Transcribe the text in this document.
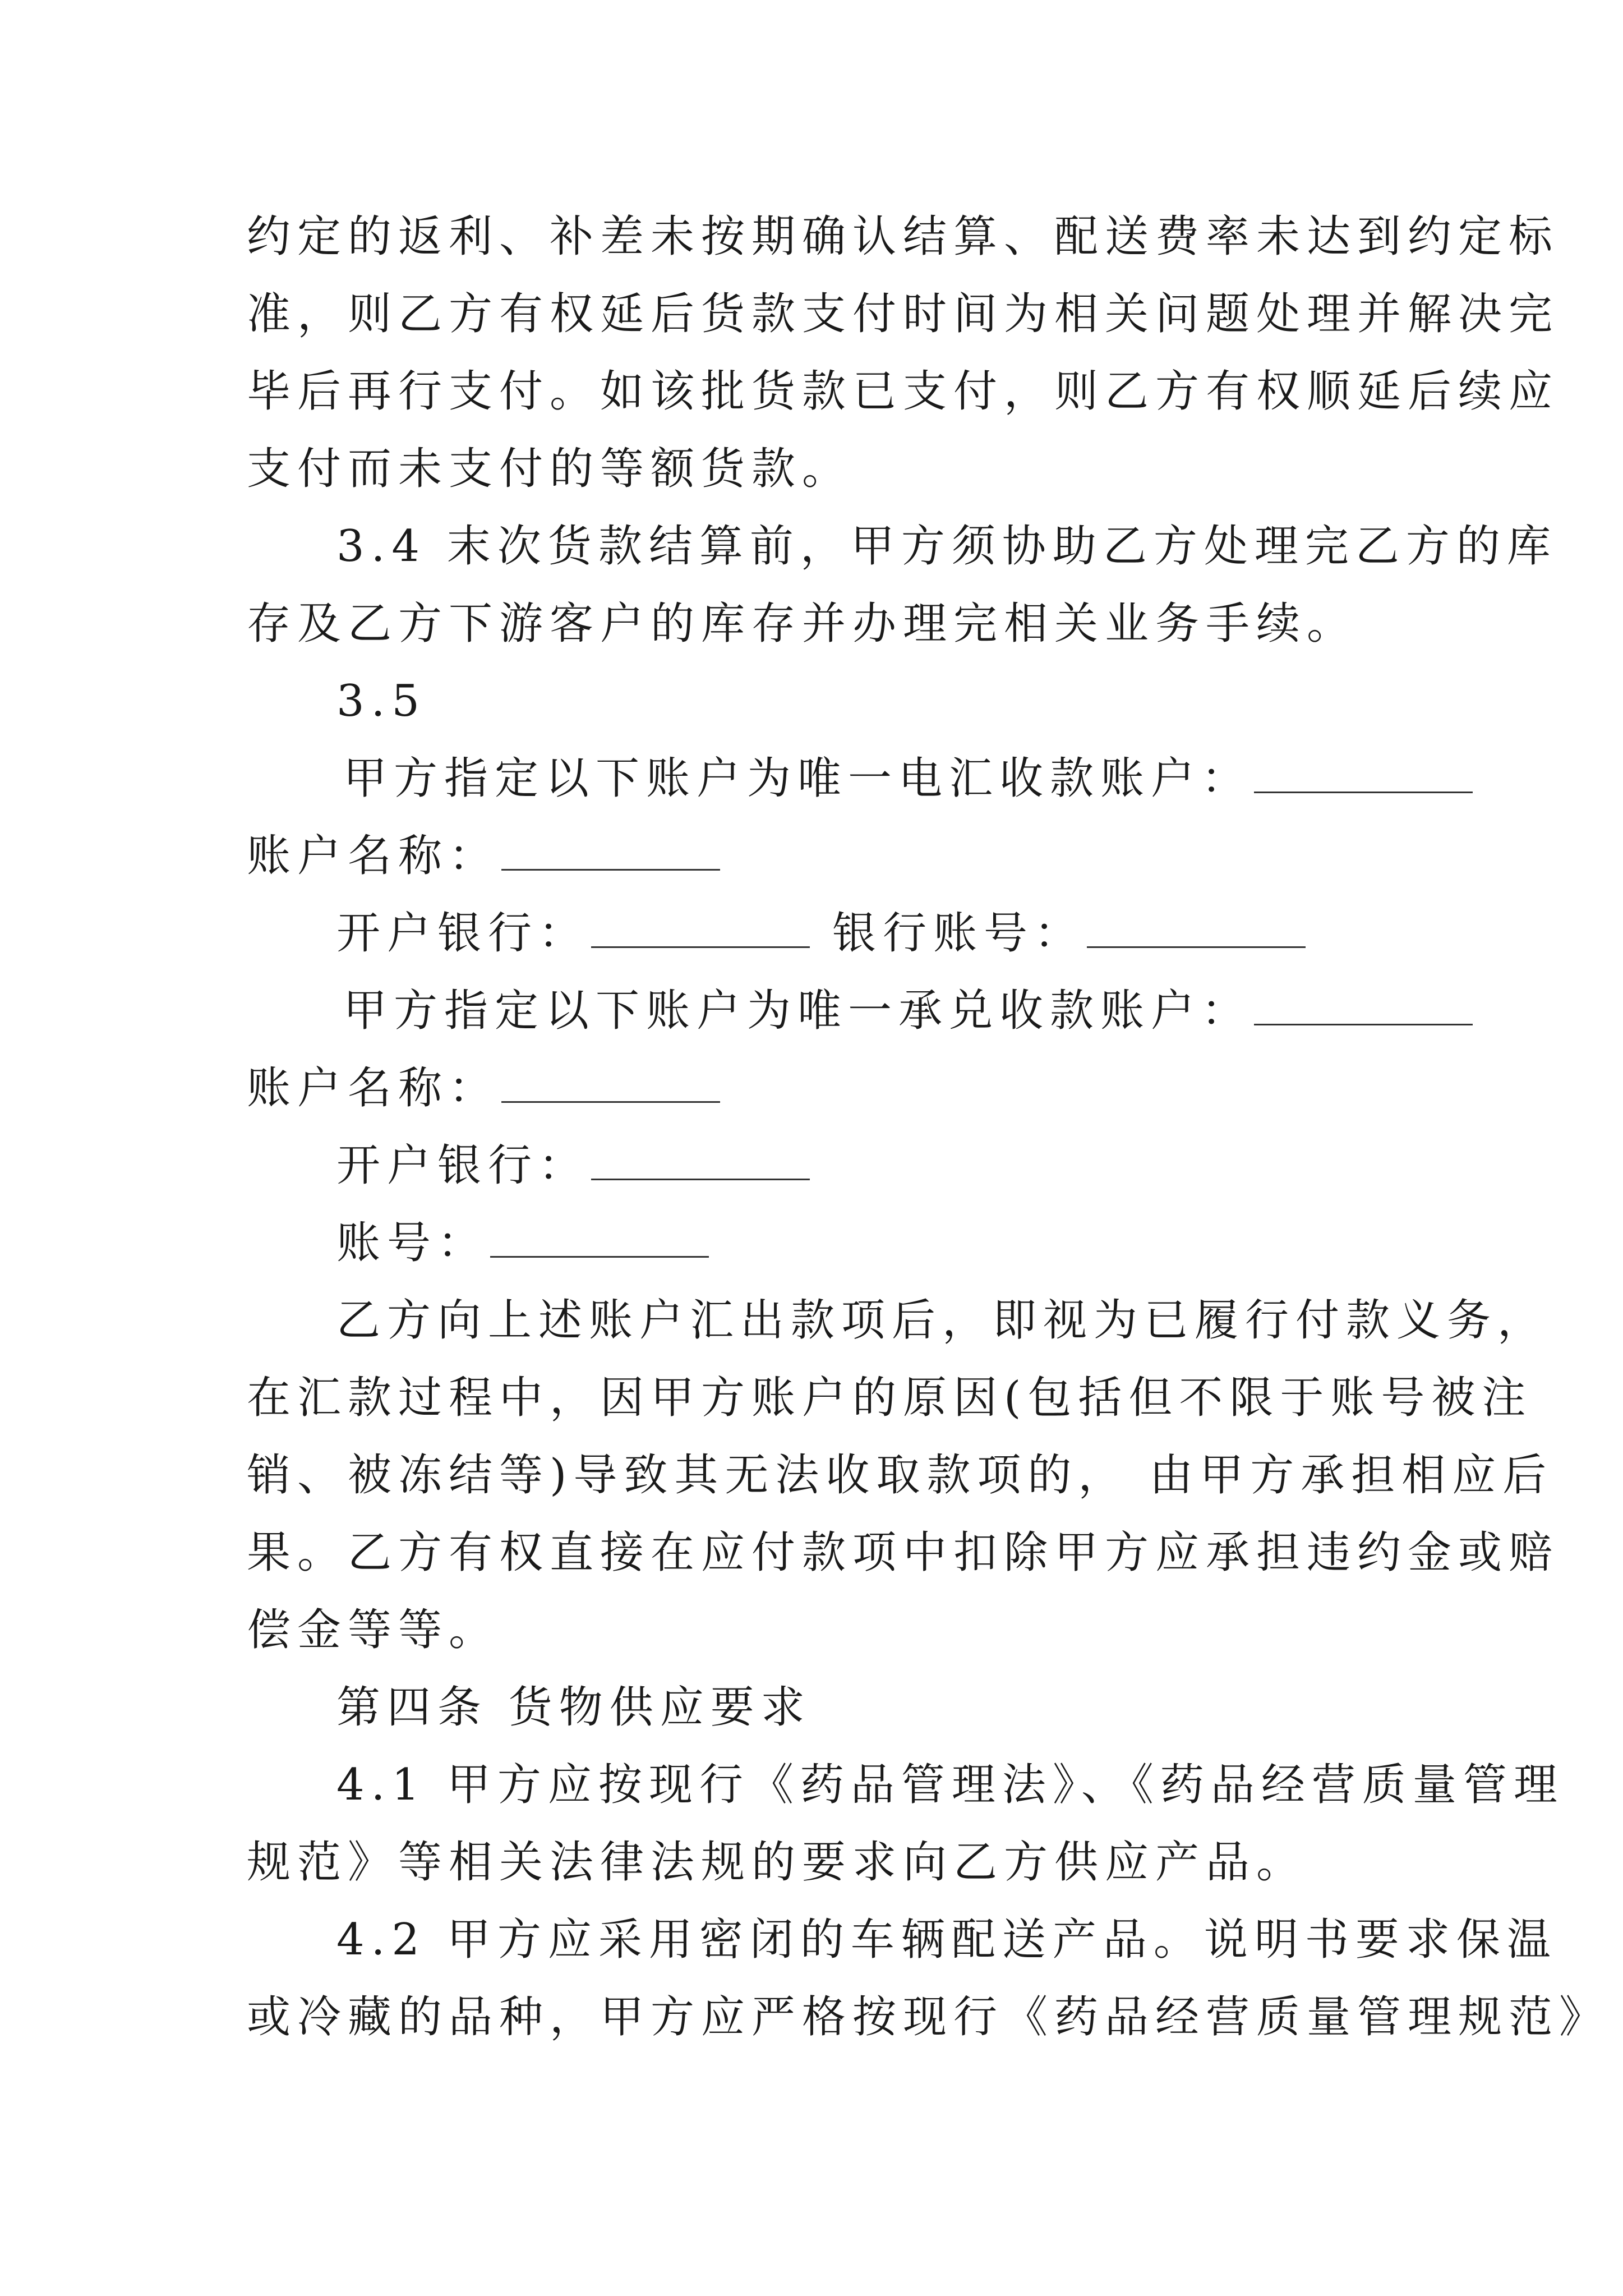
约定的返利、补差未按期确认结算、配送费率未达到约定标
准，则乙方有权延后货款支付时间为相关问题处理并解决完
毕后再行支付。如该批货款已支付，则乙方有权顺延后续应
支付而未支付的等额货款。
3.4 末次货款结算前，甲方须协助乙方处理完乙方的库
存及乙方下游客户的库存并办理完相关业务手续。
3.5
甲方指定以下账户为唯一电汇收款账户：
账户名称：
开户银行：	银行账号：
甲方指定以下账户为唯一承兑收款账户：
账户名称：
开户银行：
账号：
乙方向上述账户汇出款项后，即视为已履行付款义务，
在汇款过程中，因甲方账户的原因(包括但不限于账号被注
销、被冻结等)导致其无法收取款项的， 由甲方承担相应后
果。乙方有权直接在应付款项中扣除甲方应承担违约金或赔
偿金等等。
第四条 货物供应要求
4.1 甲方应按现行《药品管理法》、《药品经营质量管理
规范》等相关法律法规的要求向乙方供应产品。
4.2 甲方应采用密闭的车辆配送产品。说明书要求保温
或冷藏的品种，甲方应严格按现行《药品经营质量管理规范》
